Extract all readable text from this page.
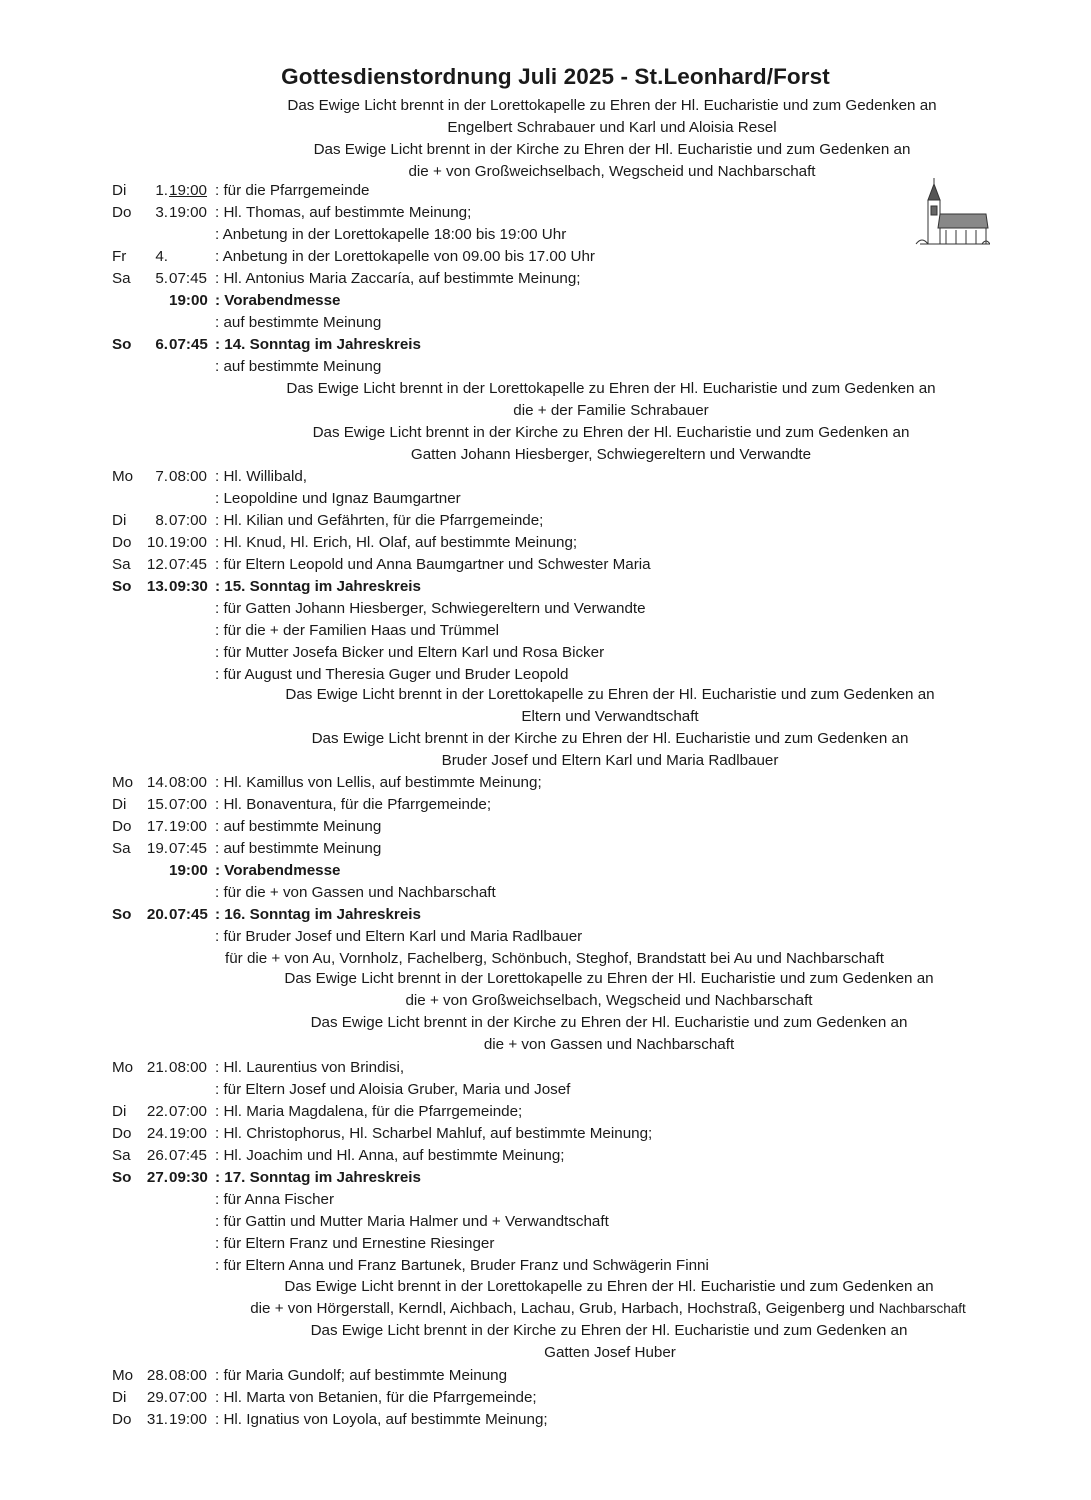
Gottesdienstordnung Juli 2025 - St.Leonhard/Forst
Das Ewige Licht brennt in der Lorettokapelle zu Ehren der Hl. Eucharistie und zum Gedenken an
Engelbert Schrabauer und Karl und Aloisia Resel
Das Ewige Licht brennt in der Kirche zu Ehren der Hl. Eucharistie und zum Gedenken an
die + von Großweichselbach, Wegscheid und Nachbarschaft
Di	1. 19:00 : für die Pfarrgemeinde
Do	3. 19:00 : Hl. Thomas, auf bestimmte Meinung;
: Anbetung in der Lorettokapelle 18:00 bis 19:00 Uhr
Fr	4.	: Anbetung in der Lorettokapelle von 09.00 bis 17.00 Uhr
Sa	5. 07:45 : Hl. Antonius Maria Zaccaría, auf bestimmte Meinung;
19:00 : Vorabendmesse
: auf bestimmte Meinung
So	6. 07:45 : 14. Sonntag im Jahreskreis
: auf bestimmte Meinung
Mo	7. 08:00 : Hl. Willibald,
: Leopoldine und Ignaz Baumgartner
Di	8. 07:00 : Hl. Kilian und Gefährten, für die Pfarrgemeinde;
Do	10. 19:00 : Hl. Knud, Hl. Erich, Hl. Olaf, auf bestimmte Meinung;
Sa	12. 07:45 : für Eltern Leopold und Anna Baumgartner und Schwester Maria
So	13. 09:30 : 15. Sonntag im Jahreskreis
: für Gatten Johann Hiesberger, Schwiegereltern und Verwandte
: für die + der Familien Haas und Trümmel
: für Mutter Josefa Bicker und Eltern Karl und Rosa Bicker
: für August und Theresia Guger und Bruder Leopold
Mo 14. 08:00 : Hl. Kamillus von Lellis, auf bestimmte Meinung;
Di	15. 07:00 : Hl. Bonaventura, für die Pfarrgemeinde;
Do	17. 19:00 : auf bestimmte Meinung
Sa	19. 07:45 : auf bestimmte Meinung
19:00 : Vorabendmesse
: für die + von Gassen und Nachbarschaft
So	20. 07:45 : 16. Sonntag im Jahreskreis
: für Bruder Josef und Eltern Karl und Maria Radlbauer
für die + von Au, Vornholz, Fachelberg, Schönbuch, Steghof, Brandstatt bei Au und Nachbarschaft
Mo 21. 08:00 : Hl. Laurentius von Brindisi,
: für Eltern Josef und Aloisia Gruber, Maria und Josef
Di	22. 07:00 : Hl. Maria Magdalena, für die Pfarrgemeinde;
Do	24. 19:00 : Hl. Christophorus, Hl. Scharbel Mahluf, auf bestimmte Meinung;
Sa	26. 07:45 : Hl. Joachim und Hl. Anna, auf bestimmte Meinung;
So	27. 09:30 : 17. Sonntag im Jahreskreis
: für Anna Fischer
: für Gattin und Mutter Maria Halmer und + Verwandtschaft
: für Eltern Franz und Ernestine Riesinger
: für Eltern Anna und Franz Bartunek, Bruder Franz und Schwägerin Finni
Mo 28. 08:00 : für Maria Gundolf; auf bestimmte Meinung
Di	29. 07:00 : Hl. Marta von Betanien, für die Pfarrgemeinde;
Do	31. 19:00 : Hl. Ignatius von Loyola, auf bestimmte Meinung;
Das Ewige Licht brennt in der Lorettokapelle zu Ehren der Hl. Eucharistie und zum Gedenken an
die + der Familie Schrabauer
Das Ewige Licht brennt in der Kirche zu Ehren der Hl. Eucharistie und zum Gedenken an
Gatten Johann Hiesberger, Schwiegereltern und Verwandte
Das Ewige Licht brennt in der Lorettokapelle zu Ehren der Hl. Eucharistie und zum Gedenken an
Eltern und Verwandtschaft
Das Ewige Licht brennt in der Kirche zu Ehren der Hl. Eucharistie und zum Gedenken an
Bruder Josef und Eltern Karl und Maria Radlbauer
Das Ewige Licht brennt in der Lorettokapelle zu Ehren der Hl. Eucharistie und zum Gedenken an
die + von Großweichselbach, Wegscheid und Nachbarschaft
Das Ewige Licht brennt in der Kirche zu Ehren der Hl. Eucharistie und zum Gedenken an
die + von Gassen und Nachbarschaft
Das Ewige Licht brennt in der Lorettokapelle zu Ehren der Hl. Eucharistie und zum Gedenken an
die + von Hörgerstall, Kerndl, Aichbach, Lachau, Grub, Harbach, Hochstraß, Geigenberg und Nachbarschaft
Das Ewige Licht brennt in der Kirche zu Ehren der Hl. Eucharistie und zum Gedenken an
Gatten Josef Huber
